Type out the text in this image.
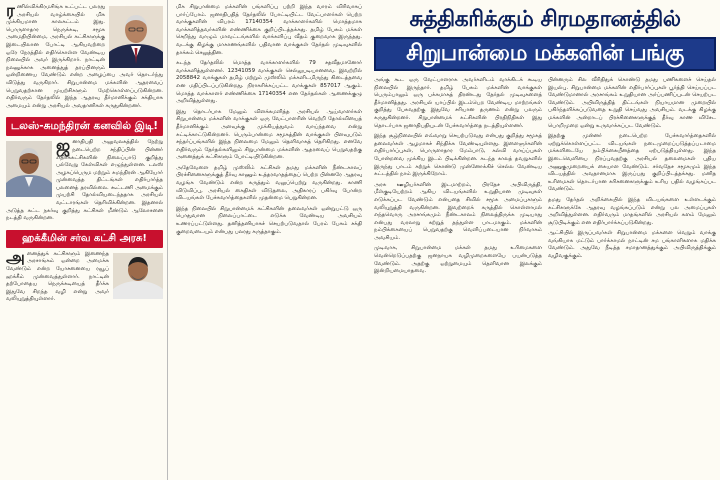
ர ணில்விக்கிரமசிங்க உட்பட்ட பலரது அரசியல் வாழ்க்கையில் மிக முக்கியமான காலகட்டம் இது. பொருளாதார நெருக்கடி, சமூக அமைதியின்மை, அரசியல் கட்சிகளுக்கு இடையிலான போட்டி ஆகியவற்றை ஒரே நேரத்தில் எதிர்கொள்ள வேண்டிய நிலையில் அவர் இருக்கிறார். நாட்டின் நலனுக்காக அனைத்துத் தரப்பினரும் ஒன்றிணைய வேண்டும் என்ற அழைப்பை அவர் தொடர்ந்து விடுத்து வருகிறார். சிறுபான்மை மக்களின் ஆதரவைப் பெறுவதற்கான முயற்சிகளும் மேற்கொள்ளப்படுகின்றன. எதிர்வரும் தேர்தலில் இந்த ஆதரவு தீர்மானிக்கும் சக்தியாக அமையும் என்று அரசியல் அவதானிகள் கருதுகின்றனர்.

டலஸ்-சுமந்திரன் கனவில் இடி!
ஜ னாதிபதி அலுவலகத்தில் நேற்று நடைபெற்ற சந்திப்பின் பின்னர் எதிர்க்கட்சிகளின் நிலைப்பாடு குறித்து பல்வேறு கேள்விகள் எழுந்துள்ளன. டலஸ் அழகப்பெரும மற்றும் சுமந்திரன் ஆகியோர் முன்வைத்த திட்டங்கள் எதிர்பார்த்த பலனைத் தரவில்லை. கூட்டணி அமைக்கும் முயற்சி தோல்வியடைந்ததாக அரசியல் வட்டாரங்கள் தெரிவிக்கின்றன. இதனால் அடுத்த கட்ட நகர்வு குறித்து கட்சிகள் மீண்டும் ஆலோசனை நடத்தி வருகின்றன.

ஹக்கீமின் சர்வ கட்சி அரசு!
அ னைத்துக் கட்சிகளும் இணைந்த அரசாங்கம் ஒன்றை அமைக்க வேண்டும் என்ற யோசனையை ரவூப் ஹக்கீம் முன்வைத்துள்ளார். நாட்டின் தற்போதைய நெருக்கடியைத் தீர்க்க இதுவே சிறந்த வழி என்று அவர் வலியுறுத்தியுள்ளார்.

மிக சிறுபான்மை மக்களின் பங்களிப்பு பற்றி இந்த வாரம் விரிவாகப் பார்ப்போம். ஜனாதிபதித் தேர்தலில் போட்டியிட்ட வேட்பாளர்கள் பெற்ற வாக்குகளின் விபரம் 17140354 வாக்காளர்களில் மொத்தமாக வாக்களித்தவர்களின் எண்ணிக்கை குறிப்பிடத்தக்கது. தமிழ் பேசும் மக்கள் செறிந்து வாழும் மாவட்டங்களில் வாக்களிப்பு வீதம் குறைவாக இருந்தது. வடக்கு கிழக்கு மாகாணங்களில் பதிவான வாக்குகள் தேர்தல் முடிவுகளில் தாக்கம் செலுத்தின.

கடந்த தேர்தலில் மொத்த வாக்காளர்களில் 79 சதவீதமானோர் வாக்களித்துள்ளனர். 12341059 வாக்குகள் செல்லுபடியானவை. இவற்றில் 2058842 வாக்குகள் தமிழ் மற்றும் முஸ்லிம் மக்களிடமிருந்து கிடைத்தவை என மதிப்பிடப்படுகின்றது. நிராகரிக்கப்பட்ட வாக்குகள் 857017 ஆகும். மொத்த வாக்காளர் எண்ணிக்கை 17140354 என தேர்தல்கள் ஆணைக்குழு அறிவித்துள்ளது.

இது தொடர்பாக மேலும் விளக்கமளித்த அரசியல் ஆய்வாளர்கள் சிறுபான்மை மக்களின் வாக்குகள் ஒரு வேட்பாளரின் வெற்றி தோல்வியைத் தீர்மானிக்கும் அளவுக்கு முக்கியத்துவம் வாய்ந்தவை என்று சுட்டிக்காட்டுகின்றனர். பெரும்பான்மை சமூகத்தின் வாக்குகள் பிளவுபடும் சந்தர்ப்பங்களில் இந்த நிலைமை மேலும் தெளிவாகத் தெரிகிறது. எனவே எதிர்வரும் தேர்தல்களிலும் சிறுபான்மை மக்களின் ஆதரவைப் பெறுவதற்கு அனைத்துக் கட்சிகளும் போட்டியிடுகின்றன.

அதேவேளை தமிழ் முஸ்லிம் கட்சிகள் தமது மக்களின் நீண்டகாலப் பிரச்சினைகளுக்குத் தீர்வு காணும் உத்தரவாதத்தைப் பெற்ற பின்னரே ஆதரவு வழங்க வேண்டும் என்ற கருத்தும் வலுப்பெற்று வருகின்றது. காணி விடுவிப்பு, அரசியல் கைதிகள் விடுதலை, அதிகாரப் பகிர்வு போன்ற விடயங்கள் பேச்சுவார்த்தைகளில் முதன்மை பெறுகின்றன.

இந்த நிலையில் சிறுபான்மைக் கட்சிகளின் தலைவர்கள் ஒன்றுபட்டு ஒரு பொதுவான நிலைப்பாட்டை எடுக்க வேண்டிய அவசியம் உணரப்பட்டுள்ளது. தனித்தனியாகச் செயற்படுவதால் பேரம் பேசும் சக்தி குறைவடையும் என்பது பலரது கருத்தாகும்.

சுத்திகரிக்கும் சிரமதானத்தில்
சிறுபான்மை மக்களின் பங்கு

அங்கு கூட ஒரு வேட்பாளராக அவர்களிடம் வாக்கிடக் கூடிய நிலையில் இருந்தார். தமிழ் பேசும் மக்களின் வாக்குகள் பெரும்பாலும் ஒரு பக்கமாகத் திரண்டது தேர்தல் முடிவுகளைத் தீர்மானித்தது. அரசியல் யாப்பில் இடம்பெற வேண்டிய மாற்றங்கள் குறித்து பேசுவதற்கு இதுவே சரியான தருணம் என்று பலரும் கருதுகின்றனர். சிறுபான்மைக் கட்சிகளின் பிரதிநிதிகள் இது தொடர்பாக ஜனாதிபதியுடன் பேச்சுவார்த்தை நடத்தியுள்ளனர்.

இந்த சூழ்நிலையில் எவ்வாறு செயற்படுவது என்பது குறித்து சமூகத் தலைவர்கள் ஆழமாகச் சிந்திக்க வேண்டியுள்ளது. இளைஞர்களின் எதிர்பார்ப்புகள், பொருளாதார மேம்பாடு, கல்வி வாய்ப்புகள் போன்றவை முக்கிய இடம் பிடிக்கின்றன. கடந்த காலத் தவறுகளில் இருந்து பாடம் கற்றுக் கொண்டு முன்னோக்கிச் செல்ல வேண்டிய கட்டத்தில் நாம் இருக்கிறோம்.

அரசு ஊழியர்களின் இடமாற்றம், பிரதேச அபிவிருத்தி, மீள்குடியேற்றம் ஆகிய விடயங்களில் உறுதியான முடிவுகள் எடுக்கப்பட வேண்டும் என்பதை சிவில் சமூக அமைப்புகளும் வலியுறுத்தி வருகின்றன. இவற்றைக் கருத்தில் கொள்ளாமல் எந்தவொரு அரசாங்கமும் நீண்டகாலம் நிலைத்திருக்க முடியாது என்பது வரலாறு கற்றுத் தந்துள்ள பாடமாகும். மக்களின் நம்பிக்கையைப் பெறுவதற்கு வெளிப்படையான நிர்வாகம் அவசியம்.

முடிவாக, சிறுபான்மை மக்கள் தமது உரிமைகளை வென்றெடுப்பதற்கு ஜனநாயக வழிமுறைகளையே பயன்படுத்த வேண்டும். அதற்கு ஒற்றுமையும் தெளிவான இலக்கும் இன்றியமையாதவை.

பின்னரும் சில வீரிதிதுக் கொண்டு தமது பணிகளைச் செய்தல் இயல்பு. சிறுபான்மை மக்களின் எதிர்பார்ப்புகள் பூர்த்தி செய்யப்பட வேண்டுமானால் அரசாங்கம் உறுதியான அர்ப்பணிப்புடன் செயற்பட வேண்டும். அபிவிருத்தித் திட்டங்கள் நியாயமான முறையில் பகிர்ந்தளிக்கப்படுவதை உறுதி செய்வது அவசியம். வடக்கு கிழக்கு மக்களின் அன்றாடப் பிரச்சினைகளுக்குத் தீர்வு காண விசேட பொறிமுறை ஒன்று உருவாக்கப்பட வேண்டும்.

இதற்கு முன்னர் நடைபெற்ற பேச்சுவார்த்தைகளில் ஏற்றுக்கொள்ளப்பட்ட விடயங்கள் நடைமுறைப்படுத்தப்படாமை மக்களிடையே நம்பிக்கையீனத்தை ஏற்படுத்தியுள்ளது. இந்த இடைவெளியை நிரப்புவதற்கு அரசியல் தலைமைகள் புதிய அணுகுமுறையைக் கையாள வேண்டும். சர்வதேச சமூகமும் இந்த விடயத்தில் அவதானமாக இருப்பது குறிப்பிடத்தக்கது. மனித உரிமைகள் தொடர்பான கரிசனைகளுக்கும் உரிய பதில் வழங்கப்பட வேண்டும்.

தமது தேர்தல் அறிக்கையில் இந்த விடயங்களை உள்ளடக்கும் கட்சிகளுக்கே ஆதரவு வழங்கப்படும் என்று பல அமைப்புகள் அறிவித்துள்ளன. எதிர்வரும் மாதங்களில் அரசியல் களம் மேலும் சூடுபிடிக்கும் என எதிர்பார்க்கப்படுகின்றது.

ஆட்சியில் இருப்பவர்கள் சிறுபான்மை மக்களை வெறும் வாக்கு வங்கியாக மட்டும் பார்க்காமல் நாட்டின் சம பங்காளிகளாக மதிக்க வேண்டும். அதுவே நீடித்த சமாதானத்துக்கும் அபிவிருத்திக்கும் வழிவகுக்கும்.
